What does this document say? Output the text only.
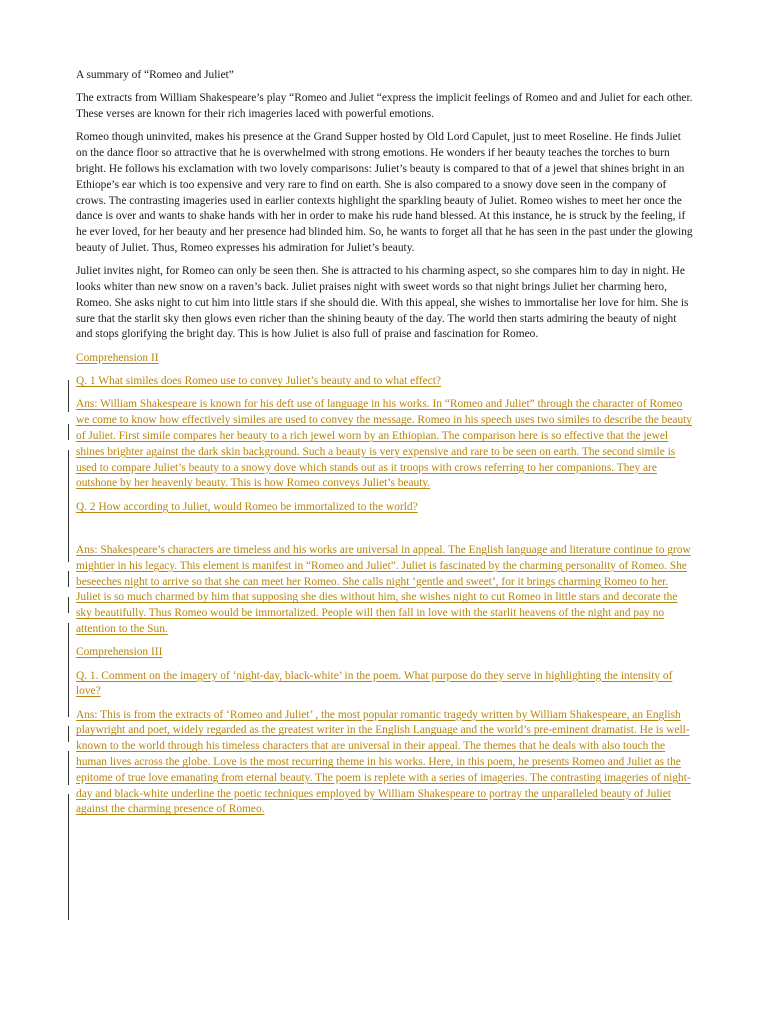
A summary of “Romeo and Juliet”

The extracts from William Shakespeare’s play “Romeo and Juliet “express the implicit feelings of Romeo and and Juliet for each other. These verses are known for their rich imageries laced with powerful emotions.

Romeo though uninvited, makes his presence at the Grand Supper hosted by Old Lord Capulet, just to meet Roseline. He finds Juliet on the dance floor so attractive that he is overwhelmed with strong emotions. He wonders if her beauty teaches the torches to burn bright. He follows his exclamation with two lovely comparisons: Juliet’s beauty is compared to that of a jewel that shines bright in an Ethiope’s ear which is too expensive and very rare to find on earth. She is also compared to a snowy dove seen in the company of crows. The contrasting imageries used in earlier contexts highlight the sparkling beauty of Juliet. Romeo wishes to meet her once the dance is over and wants to shake hands with her in order to make his rude hand blessed. At this instance, he is struck by the feeling, if he ever loved, for her beauty and her presence had blinded him. So, he wants to forget all that he has seen in the past under the glowing beauty of Juliet. Thus, Romeo expresses his admiration for Juliet’s beauty.

Juliet invites night, for Romeo can only be seen then. She is attracted to his charming aspect, so she compares him to day in night. He looks whiter than new snow on a raven’s back. Juliet praises night with sweet words so that night brings Juliet her charming hero, Romeo. She asks night to cut him into little stars if she should die. With this appeal, she wishes to immortalise her love for him. She is sure that the starlit sky then glows even richer than the shining beauty of the day. The world then starts admiring the beauty of night and stops glorifying the bright day. This is how Juliet is also full of praise and fascination for Romeo.

Comprehension II

Q. 1 What similes does Romeo use to convey Juliet’s beauty and to what effect?

Ans: William Shakespeare is known for his deft use of language in his works. In “Romeo and Juliet” through the character of Romeo we come to know how effectively similes are used to convey the message. Romeo in his speech uses two similes to describe the beauty of Juliet. First simile compares her beauty to a rich jewel worn by an Ethiopian. The comparison here is so effective that the jewel shines brighter against the dark skin background. Such a beauty is very expensive and rare to be seen on earth. The second simile is used to compare Juliet’s beauty to a snowy dove which stands out as it troops with crows referring to her companions. They are outshone by her heavenly beauty. This is how Romeo conveys Juliet’s beauty.

Q. 2 How according to Juliet, would Romeo be immortalized to the world?

Ans: Shakespeare’s characters are timeless and his works are universal in appeal. The English language and literature continue to grow mightier in his legacy. This element is manifest in “Romeo and Juliet”. Juliet is fascinated by the charming personality of Romeo. She beseeches night to arrive so that she can meet her Romeo. She calls night ‘gentle and sweet’, for it brings charming Romeo to her. Juliet is so much charmed by him that supposing she dies without him, she wishes night to cut Romeo in little stars and decorate the sky beautifully. Thus Romeo would be immortalized. People will then fall in love with the starlit heavens of the night and pay no attention to the Sun.

Comprehension III

Q. 1. Comment on the imagery of ‘night-day, black-white’ in the poem. What purpose do they serve in highlighting the intensity of love?

Ans: This is from the extracts of ‘Romeo and Juliet’ , the most popular romantic tragedy written by William Shakespeare, an English playwright and poet, widely regarded as the greatest writer in the English Language and the world’s pre-eminent dramatist. He is well-known to the world through his timeless characters that are universal in their appeal. The themes that he deals with also touch the human lives across the globe. Love is the most recurring theme in his works. Here, in this poem, he presents Romeo and Juliet as the epitome of true love emanating from eternal beauty. The poem is replete with a series of imageries. The contrasting imageries of night-day and black-white underline the poetic techniques employed by William Shakespeare to portray the unparalleled beauty of Juliet against the charming presence of Romeo.
